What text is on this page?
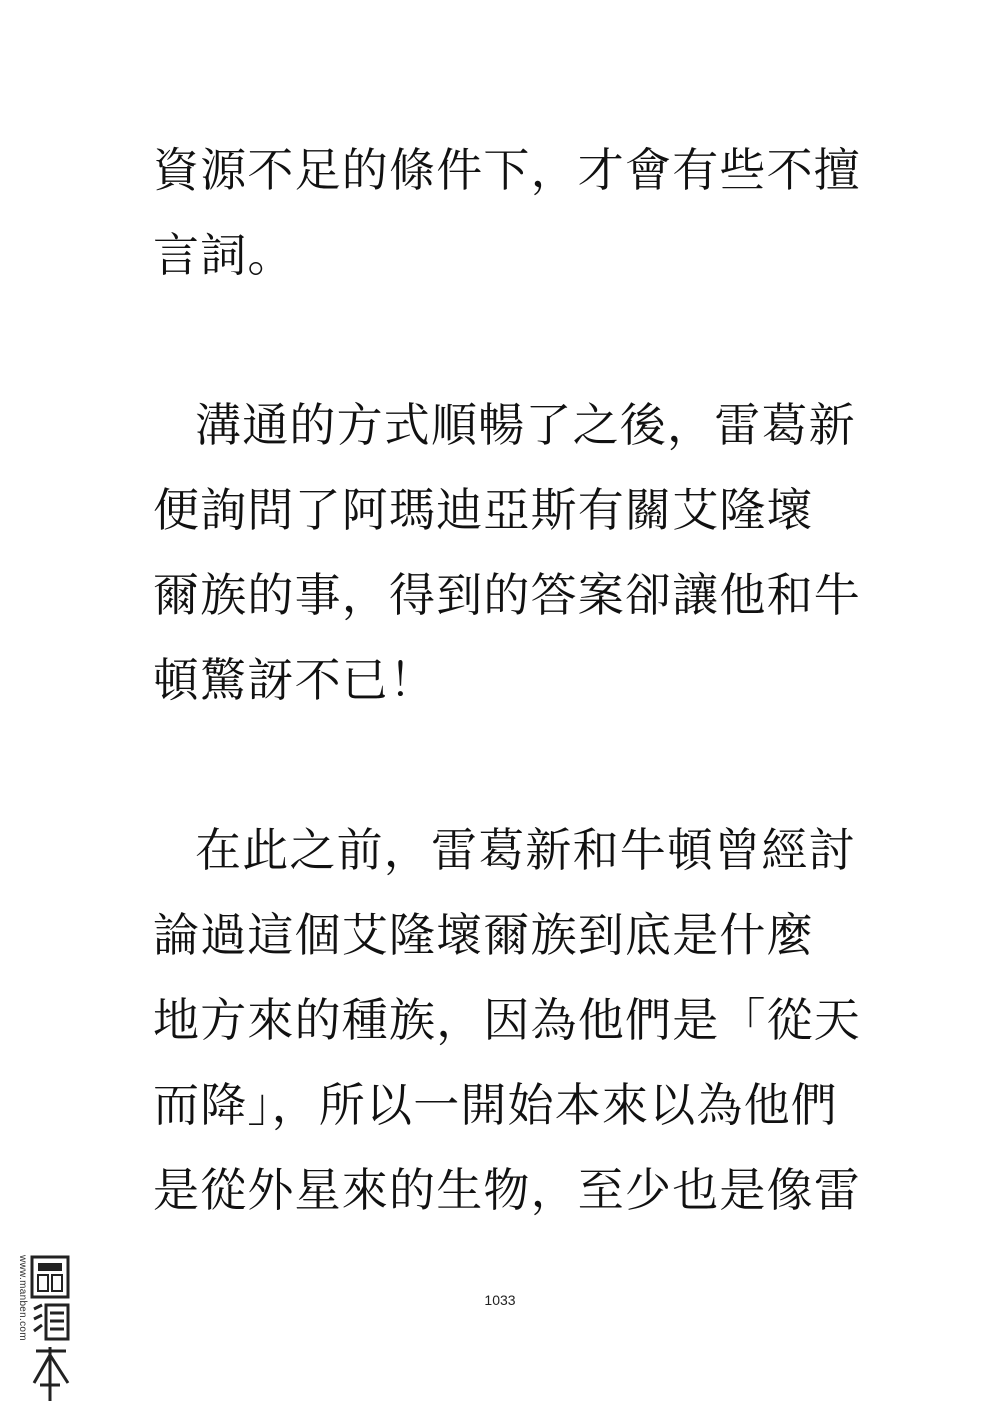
資源不足的條件下，才會有些不擅
言詞。
溝通的方式順暢了之後，雷葛新
便詢問了阿瑪迪亞斯有關艾隆壞
爾族的事，得到的答案卻讓他和牛
頓驚訝不已！
在此之前，雷葛新和牛頓曾經討
論過這個艾隆壞爾族到底是什麼
地方來的種族，因為他們是「從天
而降」，所以一開始本來以為他們
是從外星來的生物，至少也是像雷
1033
www.manben.com
